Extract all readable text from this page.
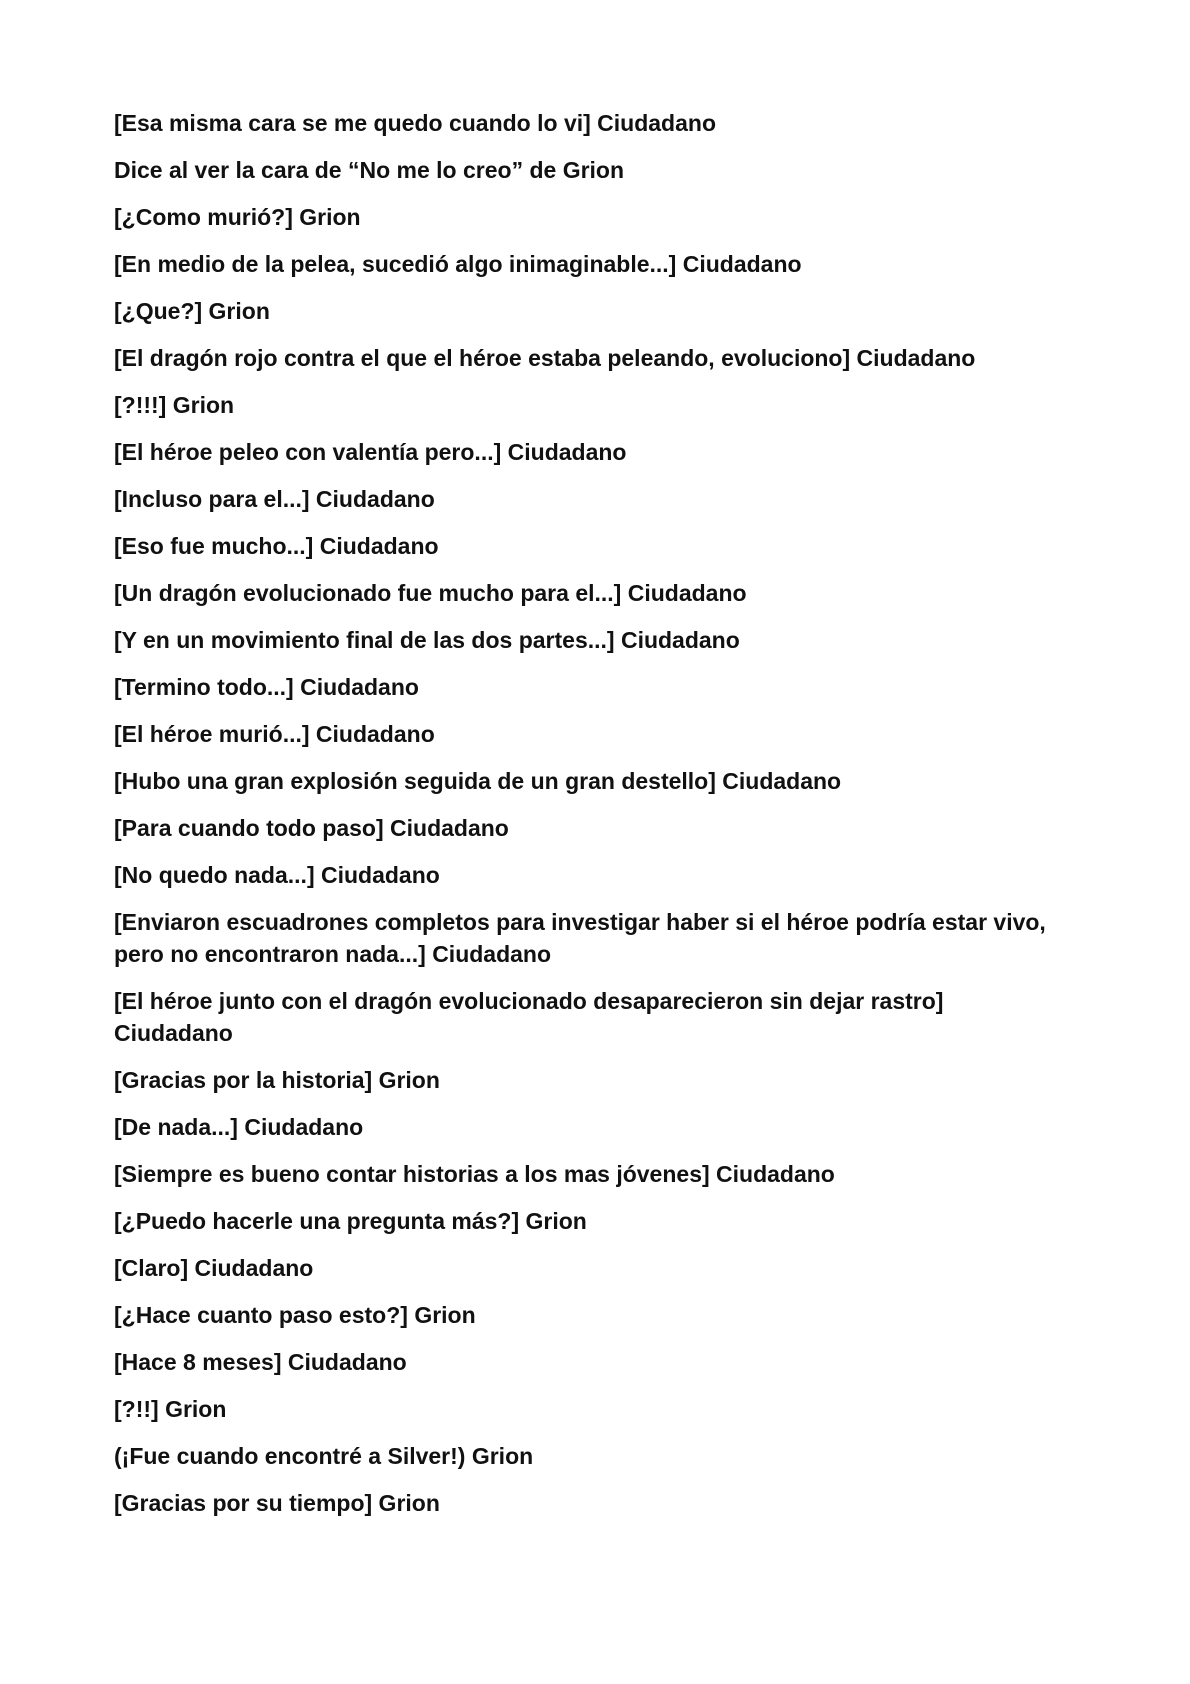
[Esa misma cara se me quedo cuando lo vi] Ciudadano

Dice al ver la cara de “No me lo creo” de Grion

[¿Como murió?] Grion

[En medio de la pelea, sucedió algo inimaginable...] Ciudadano

[¿Que?] Grion

[El dragón rojo contra el que el héroe estaba peleando, evoluciono] Ciudadano

[?!!!] Grion

[El héroe peleo con valentía pero...] Ciudadano

[Incluso para el...] Ciudadano

[Eso fue mucho...] Ciudadano

[Un dragón evolucionado fue mucho para el...] Ciudadano

[Y en un movimiento final de las dos partes...] Ciudadano

[Termino todo...] Ciudadano

[El héroe murió...] Ciudadano

[Hubo una gran explosión seguida de un gran destello] Ciudadano

[Para cuando todo paso] Ciudadano

[No quedo nada...] Ciudadano

[Enviaron escuadrones completos para investigar haber si el héroe podría estar vivo, pero no encontraron nada...] Ciudadano

[El héroe junto con el dragón evolucionado desaparecieron sin dejar rastro] Ciudadano

[Gracias por la historia] Grion

[De nada...] Ciudadano

[Siempre es bueno contar historias a los mas jóvenes] Ciudadano

[¿Puedo hacerle una pregunta más?] Grion

[Claro] Ciudadano

[¿Hace cuanto paso esto?] Grion

[Hace 8 meses] Ciudadano

[?!!] Grion

(¡Fue cuando encontré a Silver!) Grion

[Gracias por su tiempo] Grion
